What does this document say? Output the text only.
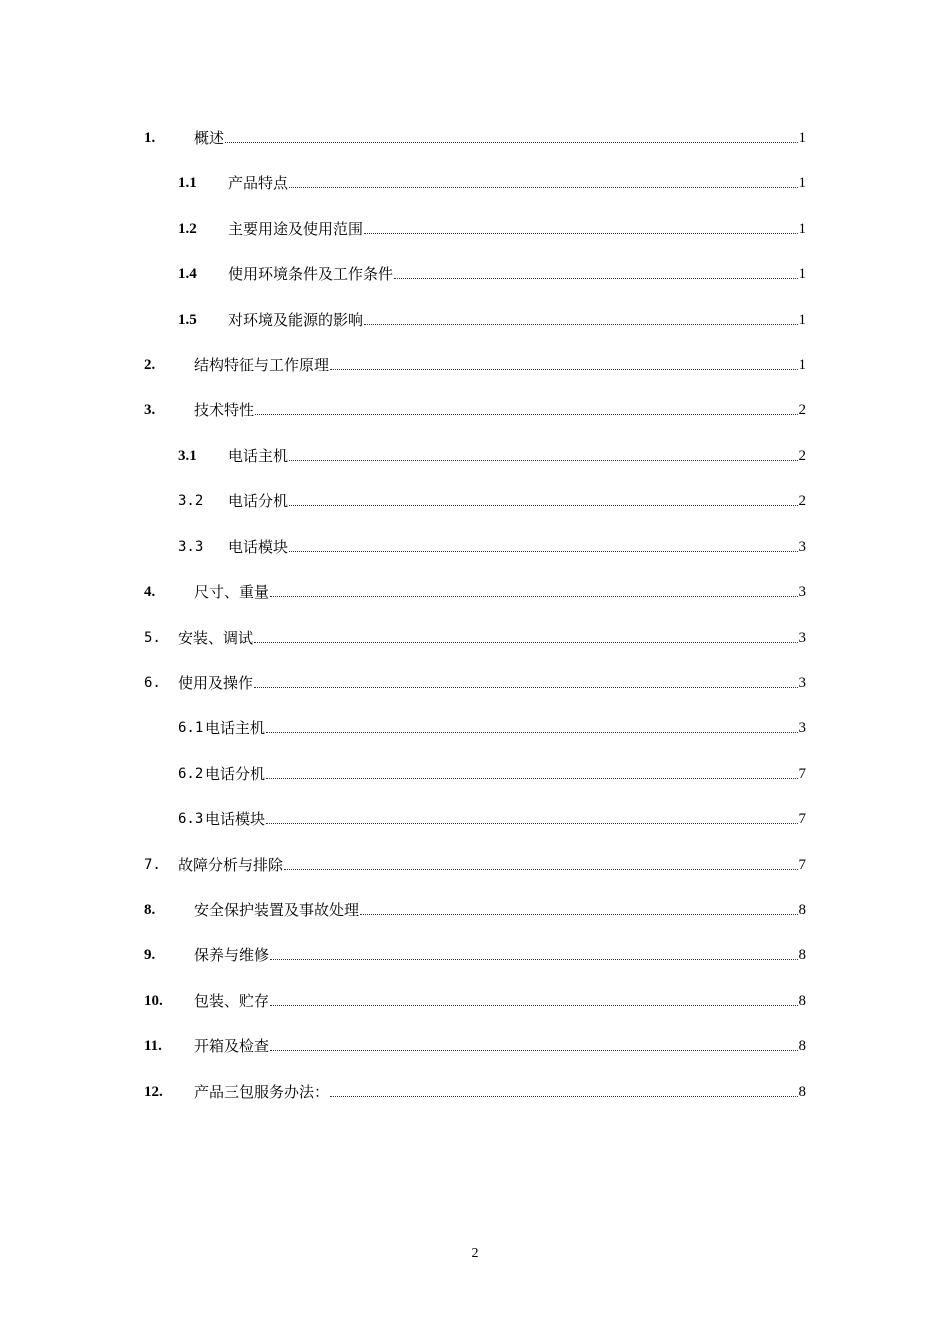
1.	概述	1
1.1	产品特点	1
1.2	主要用途及使用范围	1
1.4	使用环境条件及工作条件	1
1.5	对环境及能源的影响	1
2.	结构特征与工作原理	1
3.	技术特性	2
3.1	电话主机	2
3.2	电话分机	2
3.3	电话模块	3
4.	尺寸、重量	3
5.	安装、调试	3
6.	使用及操作	3
6.1 电话主机	3
6.2 电话分机	7
6.3 电话模块	7
7.	故障分析与排除	7
8.	安全保护装置及事故处理	8
9.	保养与维修	8
10.	包装、贮存	8
11.	开箱及检查	8
12.	产品三包服务办法：	8
2
